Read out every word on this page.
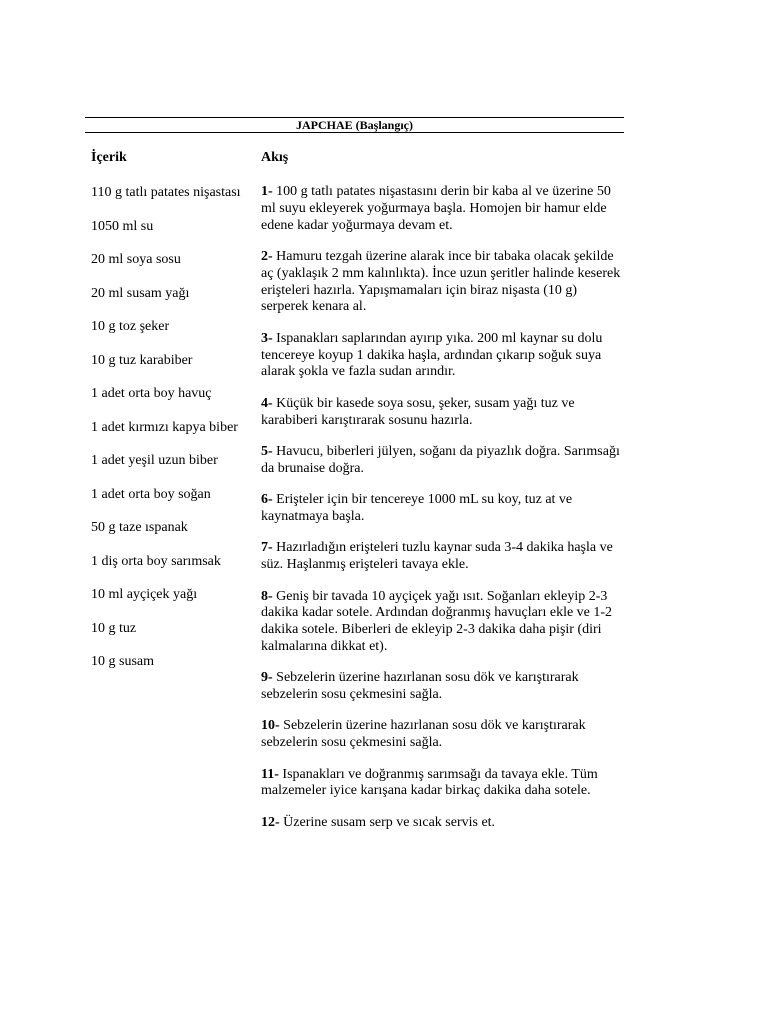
JAPCHAE (Başlangıç)
İçerik	Akış
110 g tatlı patates nişastası
1050 ml su
20 ml soya sosu
20 ml susam yağı
10 g toz şeker
10 g tuz karabiber
1 adet orta boy havuç
1 adet kırmızı kapya biber
1 adet yeşil uzun biber
1 adet orta boy soğan
50 g taze ıspanak
1 diş orta boy sarımsak
10 ml ayçiçek yağı
10 g tuz
10 g susam
1- 100 g tatlı patates nişastasını derin bir kaba al ve üzerine 50 ml suyu ekleyerek yoğurmaya başla. Homojen bir hamur elde edene kadar yoğurmaya devam et.
2- Hamuru tezgah üzerine alarak ince bir tabaka olacak şekilde aç (yaklaşık 2 mm kalınlıkta). İnce uzun şeritler halinde keserek erişteleri hazırla. Yapışmamaları için biraz nişasta (10 g) serperek kenara al.
3- Ispanakları saplarından ayırıp yıka. 200 ml kaynar su dolu tencereye koyup 1 dakika haşla, ardından çıkarıp soğuk suya alarak şokla ve fazla sudan arındır.
4- Küçük bir kasede soya sosu, şeker, susam yağı tuz ve karabiberi karıştırarak sosunu hazırla.
5- Havucu, biberleri jülyen, soğanı da piyazlık doğra. Sarımsağı da brunaise doğra.
6- Erişteler için bir tencereye 1000 mL su koy, tuz at ve kaynatmaya başla.
7- Hazırladığın erişteleri tuzlu kaynar suda 3-4 dakika haşla ve süz. Haşlanmış erişteleri tavaya ekle.
8- Geniş bir tavada 10 ayçiçek yağı ısıt. Soğanları ekleyip 2-3 dakika kadar sotele. Ardından doğranmış havuçları ekle ve 1-2 dakika sotele. Biberleri de ekleyip 2-3 dakika daha pişir (diri kalmalarına dikkat et).
9- Sebzelerin üzerine hazırlanan sosu dök ve karıştırarak sebzelerin sosu çekmesini sağla.
10- Sebzelerin üzerine hazırlanan sosu dök ve karıştırarak sebzelerin sosu çekmesini sağla.
11- Ispanakları ve doğranmış sarımsağı da tavaya ekle. Tüm malzemeler iyice karışana kadar birkaç dakika daha sotele.
12- Üzerine susam serp ve sıcak servis et.
